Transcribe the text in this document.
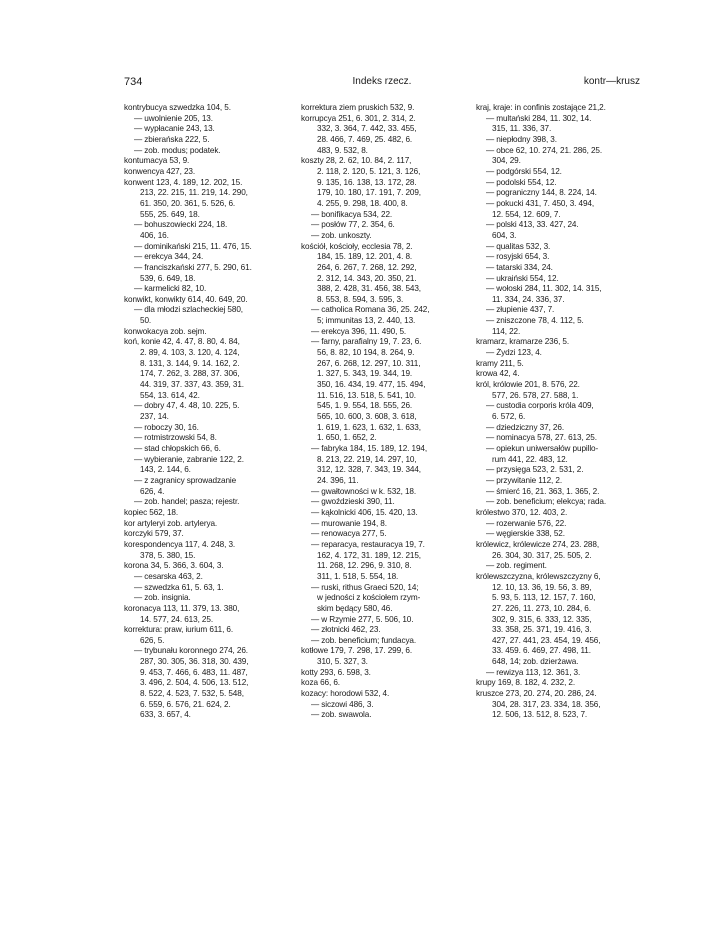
734	Indeks rzecz.	kontr—krusz
kontrybucya szwedzka 104, 5.
— uwolnienie 205, 13.
— wypłacanie 243, 13.
— zbierańska 222, 5.
— zob. modus; podatek.
kontumacya 53, 9.
konwencya 427, 23.
konwent 123, 4. 189, 12. 202, 15.
213, 22. 215, 11. 219, 14. 290,
61. 350, 20. 361, 5. 526, 6.
555, 25. 649, 18.
— bohuszowiecki 224, 18.
406, 16.
— dominikański 215, 11. 476, 15.
— erekcya 344, 24.
— franciszkański 277, 5. 290, 61.
539, 6. 649, 18.
— karmelicki 82, 10.
konwikt, konwikty 614, 40. 649, 20.
— dla młodzi szlacheckiej 580,
50.
konwokacya zob. sejm.
koń, konie 42, 4. 47, 8. 80, 4. 84,
2. 89, 4. 103, 3. 120, 4. 124,
8. 131, 3. 144, 9. 14. 162, 2.
174, 7. 262, 3. 288, 37. 306,
44. 319, 37. 337, 43. 359, 31.
554, 13. 614, 42.
— dobry 47, 4. 48, 10. 225, 5.
237, 14.
— roboczy 30, 16.
— rotmistrzowski 54, 8.
— stad chłopskich 66, 6.
— wybieranie, zabranie 122, 2.
143, 2. 144, 6.
— z zagranicy sprowadzanie
626, 4.
— zob. handel; pasza; rejestr.
kopiec 562, 18.
kor artyleryi zob. artylerya.
korczyki 579, 37.
korespondencya 117, 4. 248, 3.
378, 5. 380, 15.
korona 34, 5. 366, 3. 604, 3.
— cesarska 463, 2.
— szwedzka 61, 5. 63, 1.
— zob. insignia.
koronacya 113, 11. 379, 13. 380,
14. 577, 24. 613, 25.
korrektura: praw, iurium 611, 6.
626, 5.
— trybunału koronnego 274, 26.
287, 30. 305, 36. 318, 30. 439,
9. 453, 7. 466, 6. 483, 11. 487,
3. 496, 2. 504, 4. 506, 13. 512,
8. 522, 4. 523, 7. 532, 5. 548,
6. 559, 6. 576, 21. 624, 2.
633, 3. 657, 4.
korrektura ziem pruskich 532, 9.
korrupcya 251, 6. 301, 2. 314, 2.
332, 3. 364, 7. 442, 33. 455,
28. 466, 7. 469, 25. 482, 6.
483, 9. 532, 8.
koszty 28, 2. 62, 10. 84, 2. 117,
2. 118, 2. 120, 5. 121, 3. 126,
9. 135, 16. 138, 13. 172, 28.
179, 10. 180, 17. 191, 7. 209,
4. 255, 9. 298, 18. 400, 8.
— bonifikacya 534, 22.
— posłów 77, 2. 354, 6.
— zob. unkoszty.
kościół, kościoły, ecclesia 78, 2.
184, 15. 189, 12. 201, 4. 8.
264, 6. 267, 7. 268, 12. 292,
2. 312, 14. 343, 20. 350, 21.
388, 2. 428, 31. 456, 38. 543,
8. 553, 8. 594, 3. 595, 3.
— catholica Romana 36, 25. 242,
5; immunitas 13, 2. 440, 13.
— erekcya 396, 11. 490, 5.
— farny, parafialny 19, 7. 23, 6.
56, 8. 82, 10 194, 8. 264, 9.
267, 6. 268, 12. 297, 10. 311,
1. 327, 5. 343, 19. 344, 19.
350, 16. 434, 19. 477, 15. 494,
11. 516, 13. 518, 5. 541, 10.
545, 1. 9. 554, 18. 555, 26.
565, 10. 600, 3. 608, 3. 618,
1. 619, 1. 623, 1. 632, 1. 633,
1. 650, 1. 652, 2.
— fabryka 184, 15. 189, 12. 194,
8. 213, 22. 219, 14. 297, 10,
312, 12. 328, 7. 343, 19. 344,
24. 396, 11.
— gwałtowności w k. 532, 18.
— gwoździeski 390, 11.
— kąkolnicki 406, 15. 420, 13.
— murowanie 194, 8.
— renowacya 277, 5.
— reparacya, restauracya 19, 7.
162, 4. 172, 31. 189, 12. 215,
11. 268, 12. 296, 9. 310, 8.
311, 1. 518, 5. 554, 18.
— ruski, rithus Graeci 520, 14;
w jedności z kościołem rzym-
skim będący 580, 46.
— w Rzymie 277, 5. 506, 10.
— złotnicki 462, 23.
— zob. beneficium; fundacya.
kotłowe 179, 7. 298, 17. 299, 6.
310, 5. 327, 3.
kotty 293, 6. 598, 3.
koza 66, 6.
kozacy: horodowi 532, 4.
— siczowi 486, 3.
— zob. swawola.
kraj, kraje: in confinis zostające 21,2.
— multański 284, 11. 302, 14.
315, 11. 336, 37.
— niepłodny 398, 3.
— obce 62, 10. 274, 21. 286, 25.
304, 29.
— podgórski 554, 12.
— podolski 554, 12.
— pograniczny 144, 8. 224, 14.
— pokucki 431, 7. 450, 3. 494,
12. 554, 12. 609, 7.
— polski 413, 33. 427, 24.
604, 3.
— qualitas 532, 3.
— rosyjski 654, 3.
— tatarski 334, 24.
— ukraiński 554, 12.
— wołoski 284, 11. 302, 14. 315,
11. 334, 24. 336, 37.
— złupienie 437, 7.
— zniszczone 78, 4. 112, 5.
114, 22.
kramarz, kramarze 236, 5.
— Żydzi 123, 4.
kramy 211, 5.
krowa 42, 4.
król, królowie 201, 8. 576, 22.
577, 26. 578, 27. 588, 1.
— custodia corporis króla 409,
6. 572, 6.
— dziedziczny 37, 26.
— nominacya 578, 27. 613, 25.
— opiekun uniwersałów pupillo-
rum 441, 22. 483, 12.
— przysięga 523, 2. 531, 2.
— przywitanie 112, 2.
— śmierć 16, 21. 363, 1. 365, 2.
— zob. beneficium; elekcya; rada.
królestwo 370, 12. 403, 2.
— rozerwanie 576, 22.
— węgierskie 338, 52.
królewicz, królewicze 274, 23. 288,
26. 304, 30. 317, 25. 505, 2.
— zob. regiment.
królewszczyzna, królewszczyzny 6,
12. 10, 13. 36, 19. 56, 3. 89,
5. 93, 5. 113, 12. 157, 7. 160,
27. 226, 11. 273, 10. 284, 6.
302, 9. 315, 6. 333, 12. 335,
33. 358, 25. 371, 19. 416, 3.
427, 27. 441, 23. 454, 19. 456,
33. 459. 6. 469, 27. 498, 11.
648, 14; zob. dzierżawa.
— rewizya 113, 12. 361, 3.
krupy 169, 8. 182, 4. 232, 2.
kruszce 273, 20. 274, 20. 286, 24.
304, 28. 317, 23. 334, 18. 356,
12. 506, 13. 512, 8. 523, 7.
